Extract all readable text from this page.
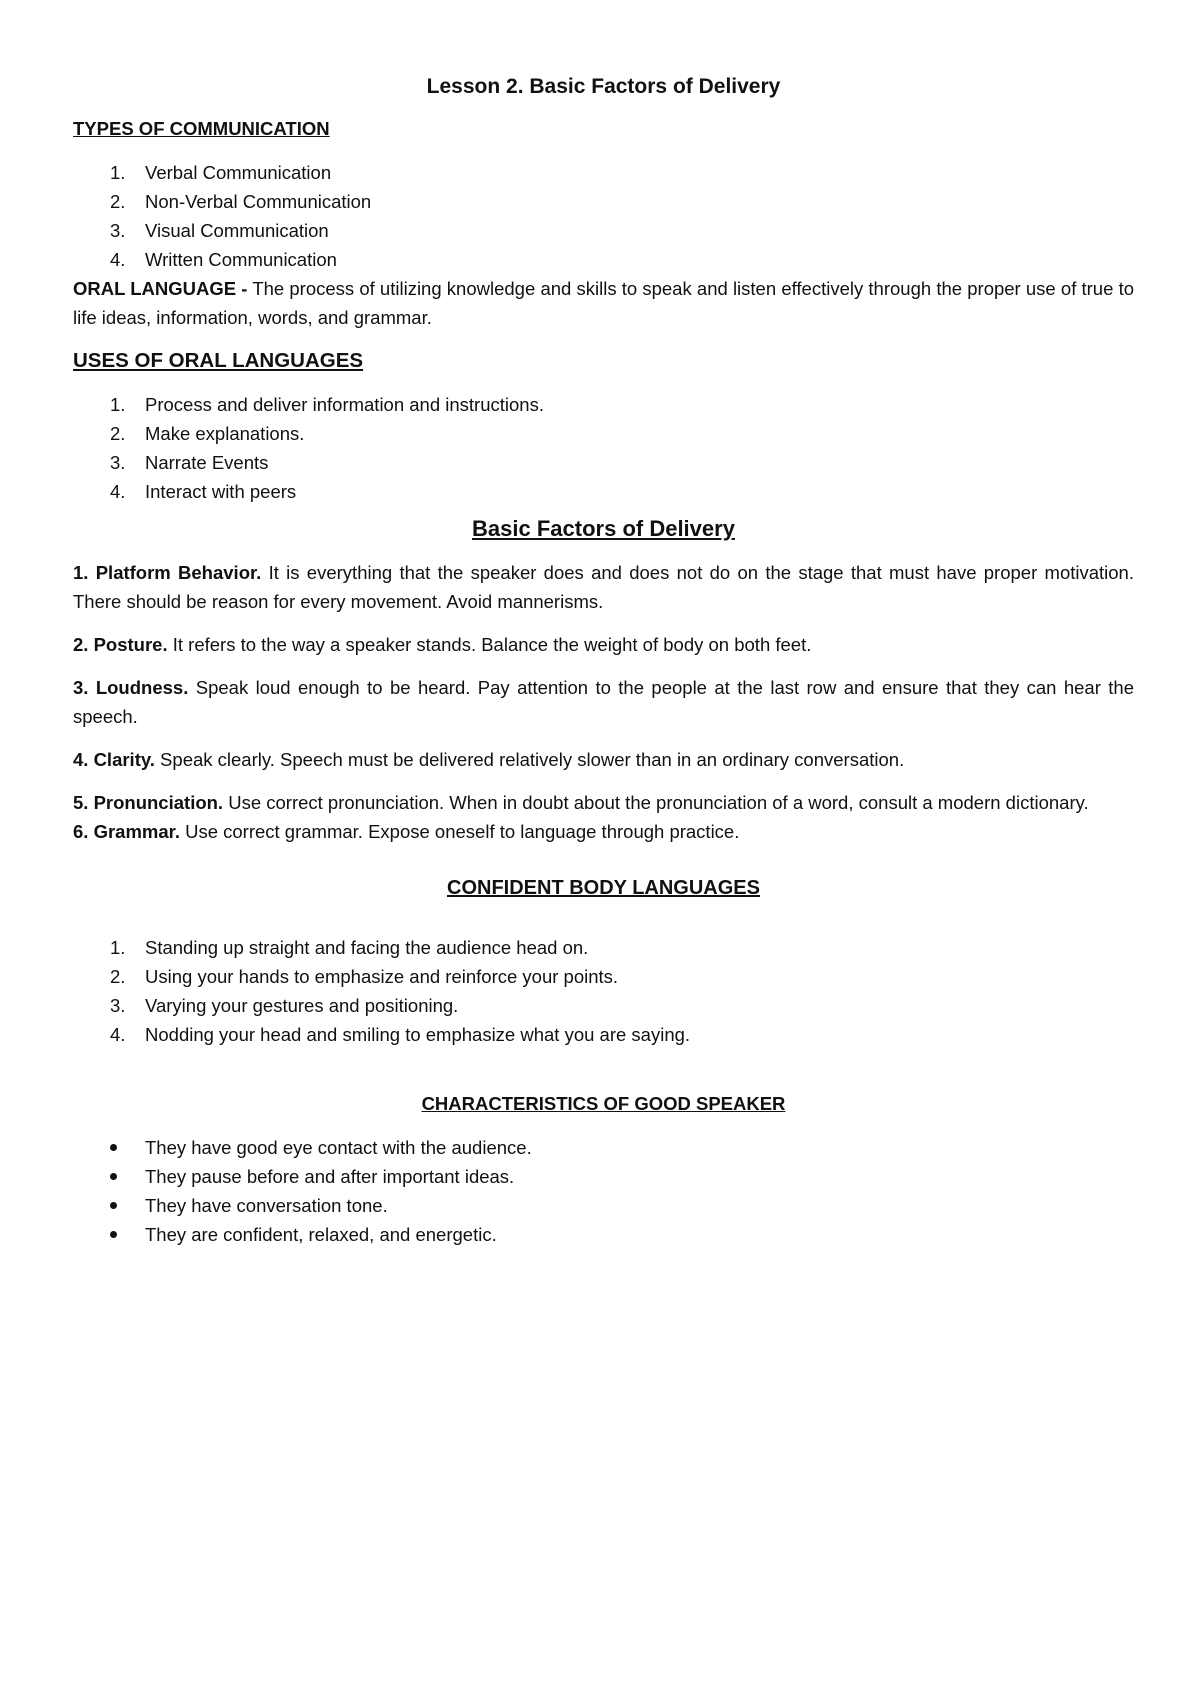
Lesson 2. Basic Factors of Delivery
TYPES OF COMMUNICATION
1. Verbal Communication
2. Non-Verbal Communication
3. Visual Communication
4. Written Communication

ORAL LANGUAGE - The process of utilizing knowledge and skills to speak and listen effectively through the proper use of true to life ideas, information, words, and grammar.

USES OF ORAL LANGUAGES
1. Process and deliver information and instructions.
2. Make explanations.
3. Narrate Events
4. Interact with peers
Basic Factors of Delivery

1. Platform Behavior. It is everything that the speaker does and does not do on the stage that must have proper motivation. There should be reason for every movement. Avoid mannerisms.

2. Posture. It refers to the way a speaker stands. Balance the weight of body on both feet.

3. Loudness. Speak loud enough to be heard. Pay attention to the people at the last row and ensure that they can hear the speech.

4. Clarity. Speak clearly. Speech must be delivered relatively slower than in an ordinary conversation.

5. Pronunciation. Use correct pronunciation. When in doubt about the pronunciation of a word, consult a modern dictionary.

6. Grammar. Use correct grammar. Expose oneself to language through practice.

CONFIDENT BODY LANGUAGES
1. Standing up straight and facing the audience head on.
2. Using your hands to emphasize and reinforce your points.
3. Varying your gestures and positioning.
4. Nodding your head and smiling to emphasize what you are saying.
CHARACTERISTICS OF GOOD SPEAKER
They have good eye contact with the audience.
They pause before and after important ideas.
They have conversation tone.
They are confident, relaxed, and energetic.
